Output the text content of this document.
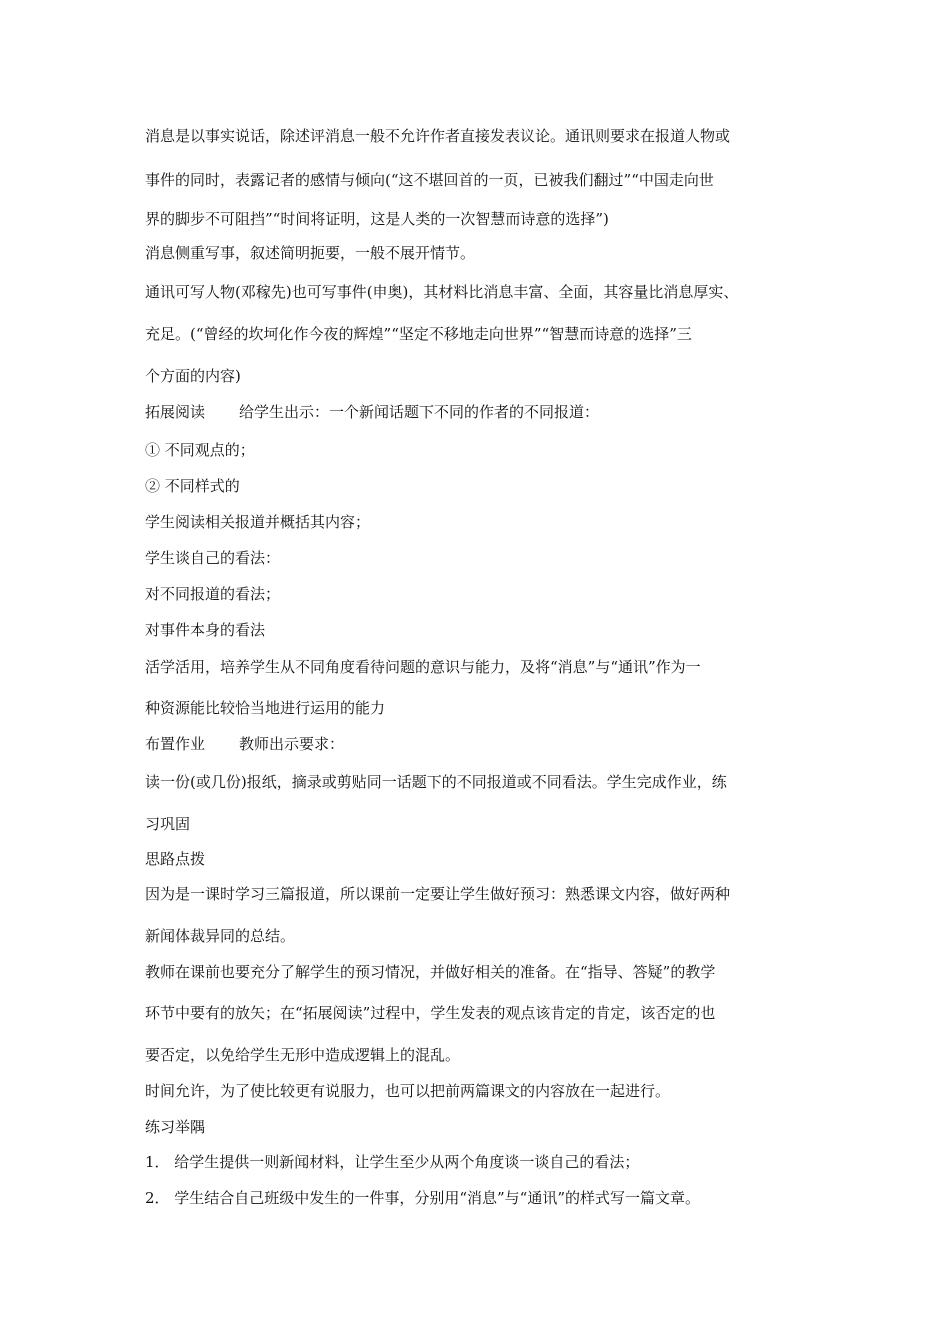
消息是以事实说话，除述评消息一般不允许作者直接发表议论。通讯则要求在报道人物或
事件的同时，表露记者的感情与倾向(“这不堪回首的一页，已被我们翻过”“中国走向世
界的脚步不可阻挡”“时间将证明，这是人类的一次智慧而诗意的选择”)
消息侧重写事，叙述简明扼要，一般不展开情节。
通讯可写人物(邓稼先)也可写事件(申奥)，其材料比消息丰富、全面，其容量比消息厚实、
充足。(“曾经的坎坷化作今夜的辉煌”“坚定不移地走向世界”“智慧而诗意的选择”三
个方面的内容)
拓展阅读 给学生出示：一个新闻话题下不同的作者的不同报道：
① 不同观点的；
② 不同样式的
学生阅读相关报道并概括其内容；
学生谈自己的看法：
对不同报道的看法；
对事件本身的看法
活学活用，培养学生从不同角度看待问题的意识与能力，及将“消息”与“通讯”作为一
种资源能比较恰当地进行运用的能力
布置作业 教师出示要求：
读一份(或几份)报纸，摘录或剪贴同一话题下的不同报道或不同看法。学生完成作业，练
习巩固
思路点拨
因为是一课时学习三篇报道，所以课前一定要让学生做好预习：熟悉课文内容，做好两种
新闻体裁异同的总结。
教师在课前也要充分了解学生的预习情况，并做好相关的准备。在“指导、答疑”的教学
环节中要有的放矢；在“拓展阅读”过程中，学生发表的观点该肯定的肯定，该否定的也
要否定，以免给学生无形中造成逻辑上的混乱。
时间允许，为了使比较更有说服力，也可以把前两篇课文的内容放在一起进行。
练习举隅
1． 给学生提供一则新闻材料，让学生至少从两个角度谈一谈自己的看法；
2． 学生结合自己班级中发生的一件事，分别用“消息”与“通讯”的样式写一篇文章。
